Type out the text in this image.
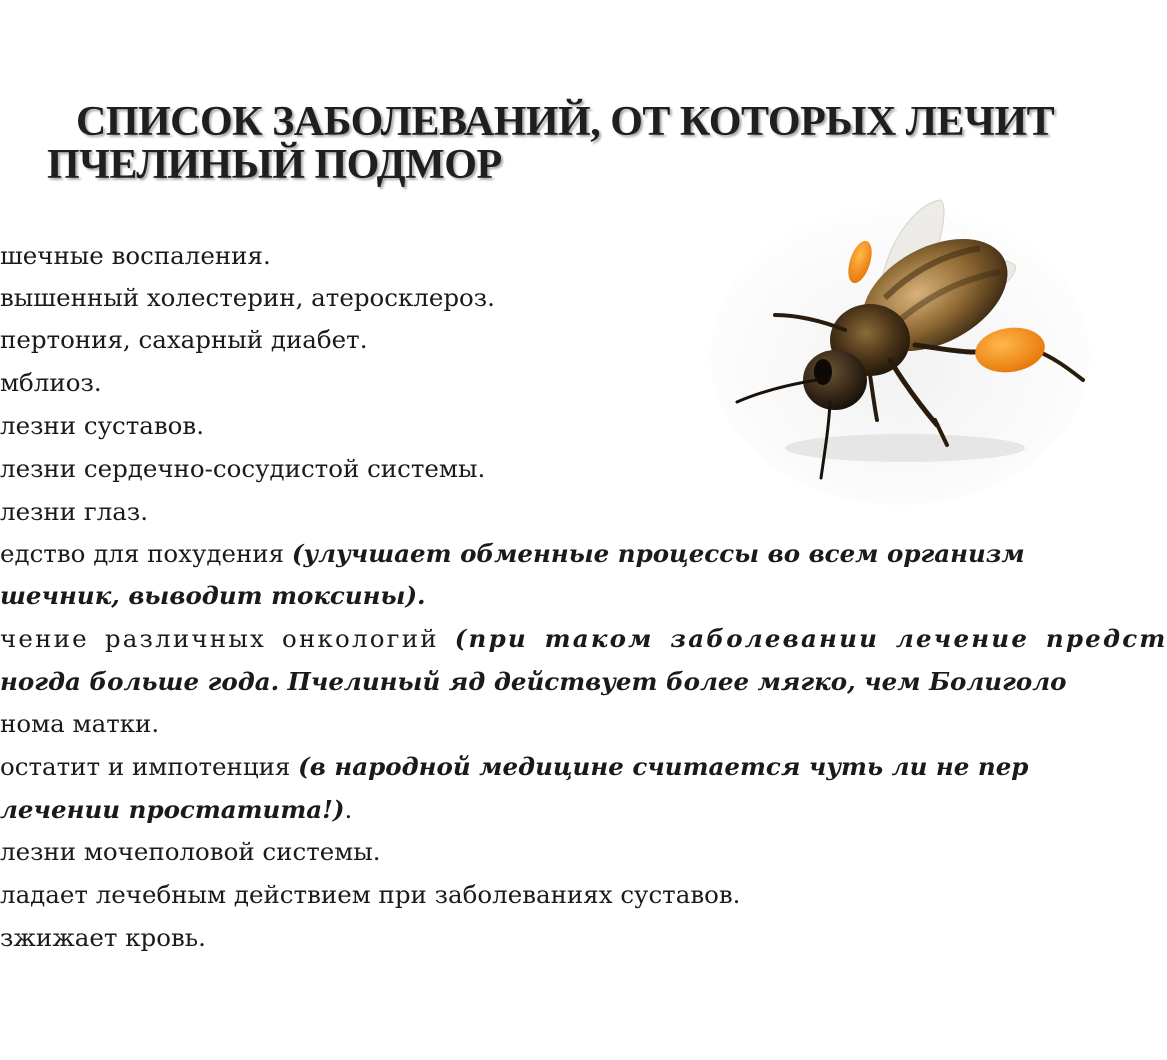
СПИСОК ЗАБОЛЕВАНИЙ, ОТ КОТОРЫХ ЛЕЧИТ
ПЧЕЛИНЫЙ ПОДМОР

шечные воспаления.

вышенный холестерин, атеросклероз.

пертония, сахарный диабет.

мблиоз.

лезни суставов.

лезни сердечно-сосудистой системы.

лезни глаз.

едство для похудения (улучшает обменные процессы во всем организм

шечник, выводит токсины).

чение различных онкологий (при таком заболевании лечение предст

ногда больше года. Пчелиный яд действует более мягко, чем Болиголо

нома матки.

остатит и импотенция (в народной медицине считается чуть ли не пер

лечении простатита!).

лезни мочеполовой системы.

ладает лечебным действием при заболеваниях суставов.

зжижает кровь.
